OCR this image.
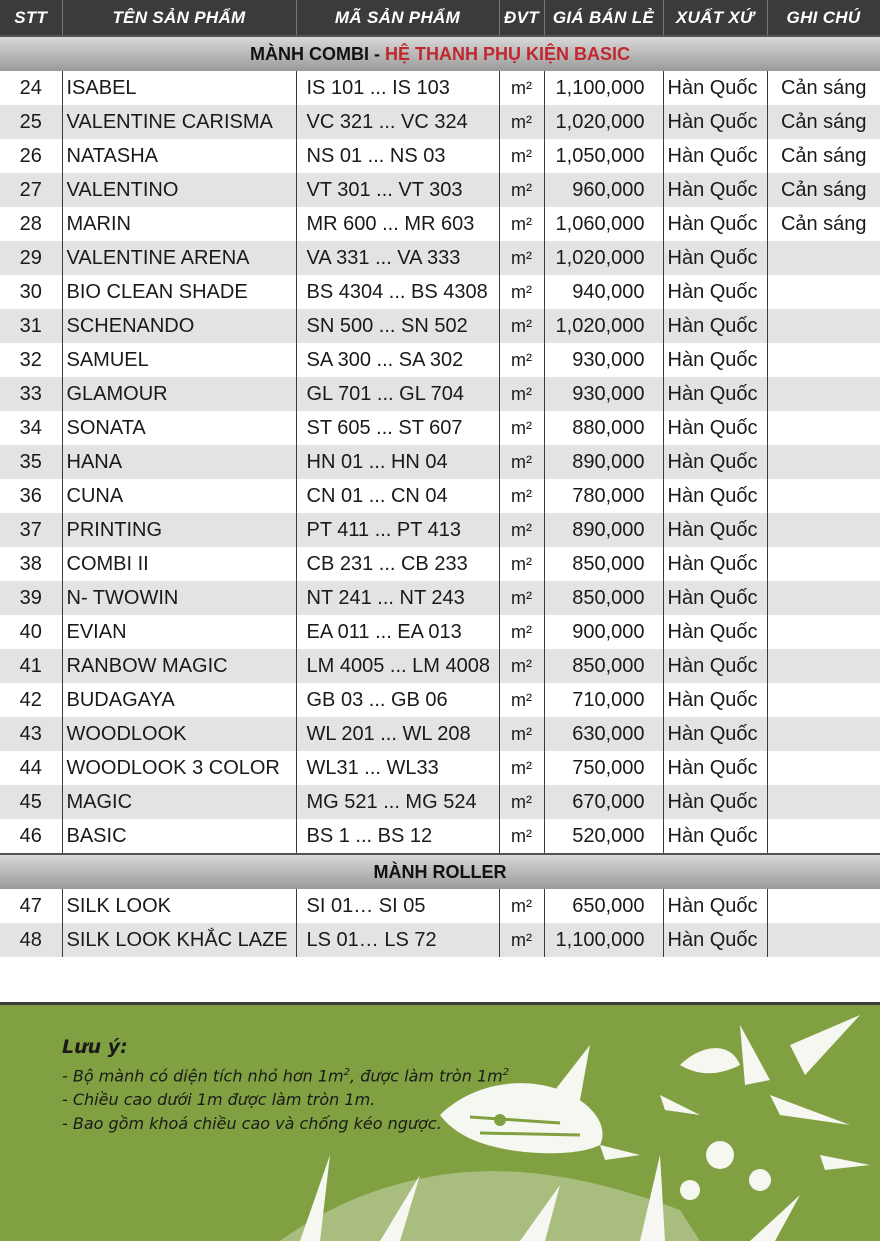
STT	TÊN SẢN PHẨM	MÃ SẢN PHẨM	ĐVT	GIÁ BÁN LẺ	XUẤT XỨ	GHI CHÚ
MÀNH COMBI - HỆ THANH PHỤ KIỆN BASIC						
24	ISABEL	IS 101 ... IS 103	m²	1,100,000	Hàn Quốc	Cản sáng
25	VALENTINE CARISMA	VC 321 ... VC 324	m²	1,020,000	Hàn Quốc	Cản sáng
26	NATASHA	NS 01 ... NS 03	m²	1,050,000	Hàn Quốc	Cản sáng
27	VALENTINO	VT 301 ... VT 303	m²	960,000	Hàn Quốc	Cản sáng
28	MARIN	MR 600 ... MR 603	m²	1,060,000	Hàn Quốc	Cản sáng
29	VALENTINE ARENA	VA 331 ... VA 333	m²	1,020,000	Hàn Quốc	
30	BIO CLEAN SHADE	BS 4304 ... BS 4308	m²	940,000	Hàn Quốc	
31	SCHENANDO	SN 500 ... SN 502	m²	1,020,000	Hàn Quốc	
32	SAMUEL	SA 300 ... SA 302	m²	930,000	Hàn Quốc	
33	GLAMOUR	GL 701 ... GL 704	m²	930,000	Hàn Quốc	
34	SONATA	ST 605 ... ST 607	m²	880,000	Hàn Quốc	
35	HANA	HN 01 ... HN 04	m²	890,000	Hàn Quốc	
36	CUNA	CN 01 ... CN 04	m²	780,000	Hàn Quốc	
37	PRINTING	PT 411 ... PT 413	m²	890,000	Hàn Quốc	
38	COMBI II	CB 231 ... CB 233	m²	850,000	Hàn Quốc	
39	N- TWOWIN	NT 241 ... NT 243	m²	850,000	Hàn Quốc	
40	EVIAN	EA 011 ... EA 013	m²	900,000	Hàn Quốc	
41	RANBOW MAGIC	LM 4005 ... LM 4008	m²	850,000	Hàn Quốc	
42	BUDAGAYA	GB 03 ... GB 06	m²	710,000	Hàn Quốc	
43	WOODLOOK	WL 201 ... WL 208	m²	630,000	Hàn Quốc	
44	WOODLOOK 3 COLOR	WL31 ... WL33	m²	750,000	Hàn Quốc	
45	MAGIC	MG 521 ... MG 524	m²	670,000	Hàn Quốc	
46	BASIC	BS 1 ... BS 12	m²	520,000	Hàn Quốc	
MÀNH ROLLER						
47	SILK LOOK	SI 01… SI 05	m²	650,000	Hàn Quốc	
48	SILK LOOK KHẮC LAZE	LS 01… LS 72	m²	1,100,000	Hàn Quốc	
Lưu ý:
- Bộ mành có diện tích nhỏ hơn $1m^2$, được làm tròn $1m^2$
- Chiều cao dưới 1m được làm tròn 1m.
- Bao gồm khoá chiều cao và chống kéo ngược.
